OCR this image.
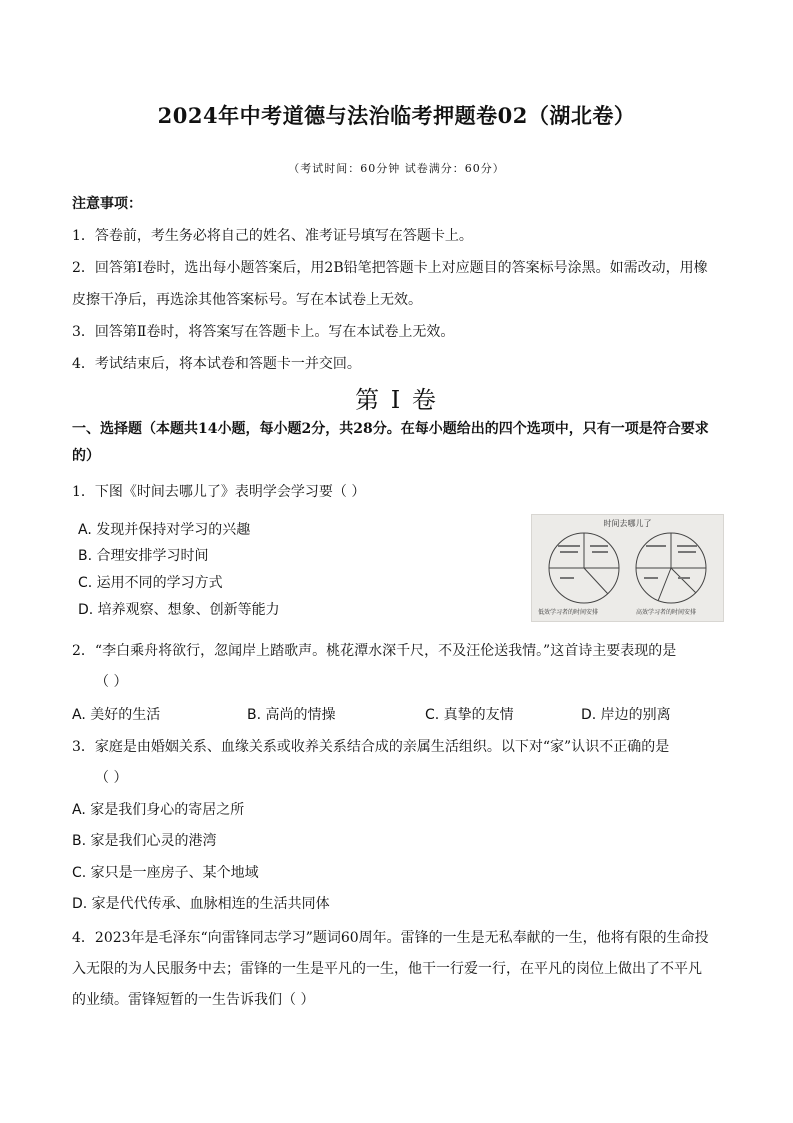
2024年中考道德与法治临考押题卷02（湖北卷）
（考试时间：60分钟 试卷满分：60分）
注意事项：
1．答卷前，考生务必将自己的姓名、准考证号填写在答题卡上。
2．回答第Ⅰ卷时，选出每小题答案后，用2B铅笔把答题卡上对应题目的答案标号涂黑。如需改动，用橡
皮擦干净后，再选涂其他答案标号。写在本试卷上无效。
3．回答第Ⅱ卷时，将答案写在答题卡上。写在本试卷上无效。
4．考试结束后，将本试卷和答题卡一并交回。
第 I 卷
一、选择题（本题共14小题，每小题2分，共28分。在每小题给出的四个选项中，只有一项是符合要求
的）
1．下图《时间去哪儿了》表明学会学习要（ ）
A. 发现并保持对学习的兴趣
B. 合理安排学习时间
C. 运用不同的学习方式
D. 培养观察、想象、创新等能力
时间去哪儿了
低效学习者的时间安排	高效学习者的时间安排
2．“李白乘舟将欲行，忽闻岸上踏歌声。桃花潭水深千尺，不及汪伦送我情。”这首诗主要表现的是
（ ）
A. 美好的生活	B. 高尚的情操	C. 真挚的友情	D. 岸边的别离
3．家庭是由婚姻关系、血缘关系或收养关系结合成的亲属生活组织。以下对“家”认识不正确的是
（ ）
A. 家是我们身心的寄居之所
B. 家是我们心灵的港湾
C. 家只是一座房子、某个地域
D. 家是代代传承、血脉相连的生活共同体
4．2023年是毛泽东“向雷锋同志学习”题词60周年。雷锋的一生是无私奉献的一生，他将有限的生命投
入无限的为人民服务中去；雷锋的一生是平凡的一生，他干一行爱一行，在平凡的岗位上做出了不平凡
的业绩。雷锋短暂的一生告诉我们（ ）
